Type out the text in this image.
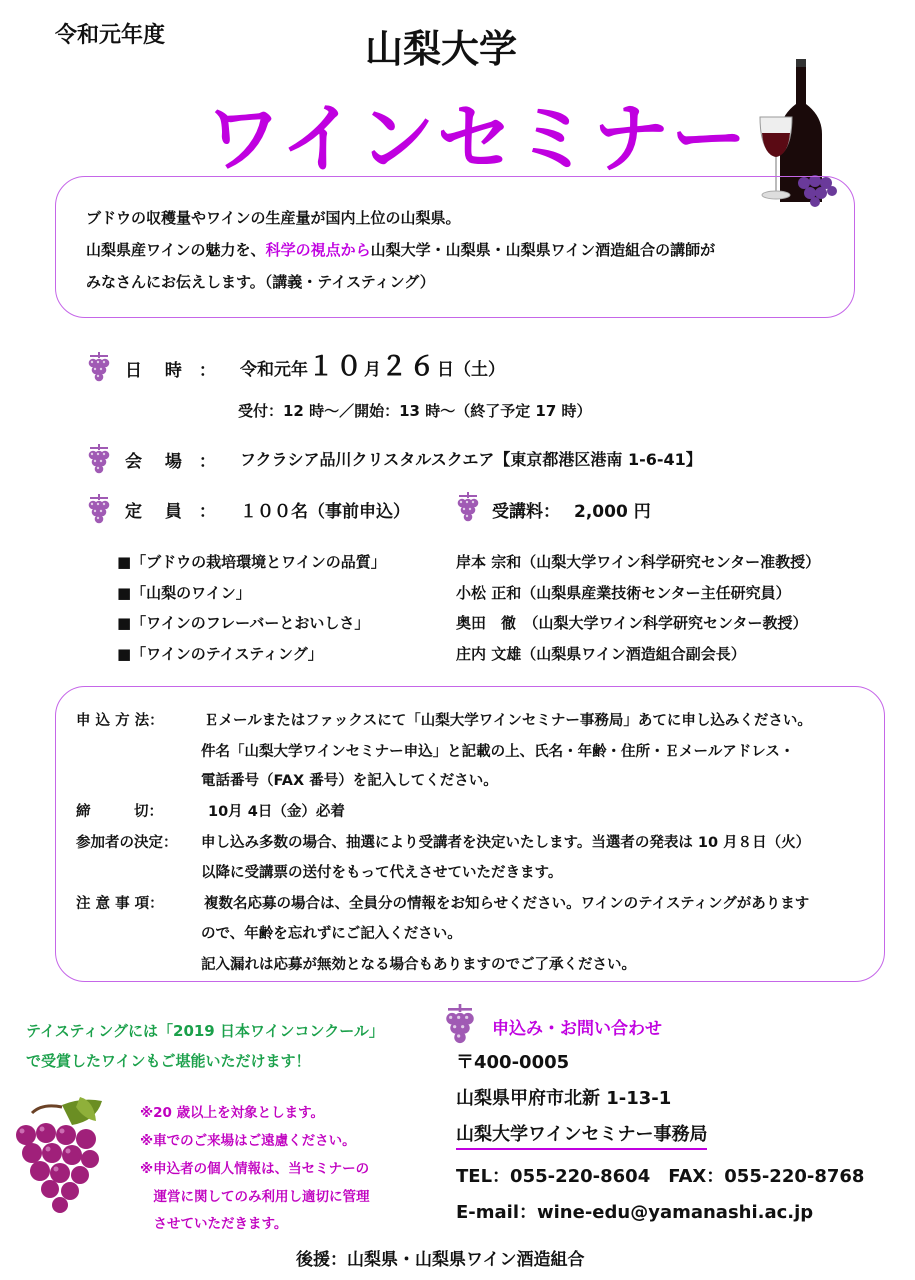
令和元年度	山梨大学
ワインセミナー

ブドウの収穫量やワインの生産量が国内上位の山梨県。

山梨県産ワインの魅力を、科学の視点から山梨大学・山梨県・山梨県ワイン酒造組合の講師が

みなさんにお伝えします。（講義・テイスティング）

日　 時　： 令和元年１０月２６日（土）
受付：12 時～／開始：13 時～（終了予定 17 時）
会　 場　： フクラシア品川クリスタルスクエア【東京都港区港南 1-6-41】
定　 員　： １００名（事前申込）	受講料： 2,000 円
■「ブドウの栽培環境とワインの品質」	岸本 宗和（山梨大学ワイン科学研究センター准教授）
■「山梨のワイン」	小松 正和（山梨県産業技術センター主任研究員）
■「ワインのフレーバーとおいしさ」	奥田　徹　（山梨大学ワイン科学研究センター教授）
■「ワインのテイスティング」	庄内 文雄（山梨県ワイン酒造組合副会長）
申 込 方 法：	Ｅメールまたはファックスにて「山梨大学ワインセミナー事務局」あてに申し込みください。
件名「山梨大学ワインセミナー申込」と記載の上、氏名・年齢・住所・Ｅメールアドレス・
電話番号（FAX 番号）を記入してください。
締　　　切：	10月 4日（金）必着
参加者の決定： 申し込み多数の場合、抽選により受講者を決定いたします。当選者の発表は 10 月８日（火）
以降に受講票の送付をもって代えさせていただきます。
注 意 事 項：	複数名応募の場合は、全員分の情報をお知らせください。ワインのテイスティングがあります
ので、年齢を忘れずにご記入ください。
記入漏れは応募が無効となる場合もありますのでご了承ください。
テイスティングには「2019 日本ワインコンクール」
で受賞したワインもご堪能いただけます！
※20 歳以上を対象とします。
※車でのご来場はご遠慮ください。
※申込者の個人情報は、当セミナーの
　運営に関してのみ利用し適切に管理
　させていただきます。
申込み・お問い合わせ
〒400-0005
山梨県甲府市北新 1-13-1
山梨大学ワインセミナー事務局
TEL：055-220-8604　FAX：055-220-8768
E-mail：wine-edu@yamanashi.ac.jp
後援：山梨県・山梨県ワイン酒造組合
